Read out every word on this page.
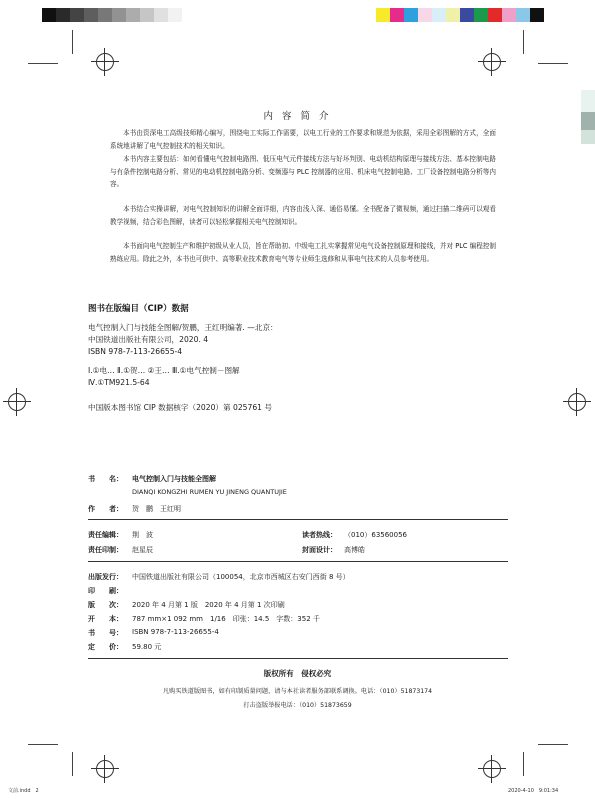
内 容 简 介

本书由资深电工高级技师精心编写，围绕电工实际工作需要，以电工行业的工作要求和规范为依据，采用全彩图解的方式，全面系统地讲解了电气控制技术的相关知识。

本书内容主要包括：如何看懂电气控制电路图、低压电气元件接线方法与好坏判别、电动机结构原理与接线方法、基本控制电路与有条件控制电路分析、常见的电动机控制电路分析、变频器与 PLC 控制器的应用、机床电气控制电路、工厂设备控制电路分析等内容。

本书结合实操讲解，对电气控制知识的讲解全面详细，内容由浅入深、通俗易懂。全书配备了微视频，通过扫描二维码可以观看教学视频，结合彩色图解，读者可以轻松掌握相关电气控制知识。

本书面向电气控制生产和维护初级从业人员，旨在帮助初、中级电工扎实掌握常见电气设备控制原理和接线，并对 PLC 编程控制熟练应用。除此之外，本书也可供中、高等职业技术教育电气等专业师生选修和从事电气技术的人员参考使用。

图书在版编目（CIP）数据
电气控制入门与技能全图解/贺鹏，王红明编著. —北京：
中国铁道出版社有限公司，2020. 4
ISBN 978-7-113-26655-4
Ⅰ.①电… Ⅱ.①贺… ②王… Ⅲ.①电气控制－图解
Ⅳ.①TM921.5-64
中国版本图书馆 CIP 数据核字（2020）第 025761 号
书　　名： 电气控制入门与技能全图解
DIANQI KONGZHI RUMEN YU JINENG QUANTUJIE
作　　者： 贺　鹏　王红明
责任编辑： 荆　波	读者热线： （010）63560056
责任印制： 赵星辰	封面设计： 高博皓
出版发行： 中国铁道出版社有限公司（100054，北京市西城区右安门西街 8 号）
印　　刷：
版　　次： 2020 年 4 月第 1 版　2020 年 4 月第 1 次印刷
开　　本： 787 mm×1 092 mm　1/16　印张：14.5　字数：352 千
书　　号： ISBN 978-7-113-26655-4
定　　价： 59.80 元
版权所有　侵权必究
凡购买铁道版图书，如有印制质量问题，请与本社读者服务部联系调换。电话：（010）51873174
打击盗版举报电话：（010）51873659
文前.indd　2	2020-4-10　9:01:34
